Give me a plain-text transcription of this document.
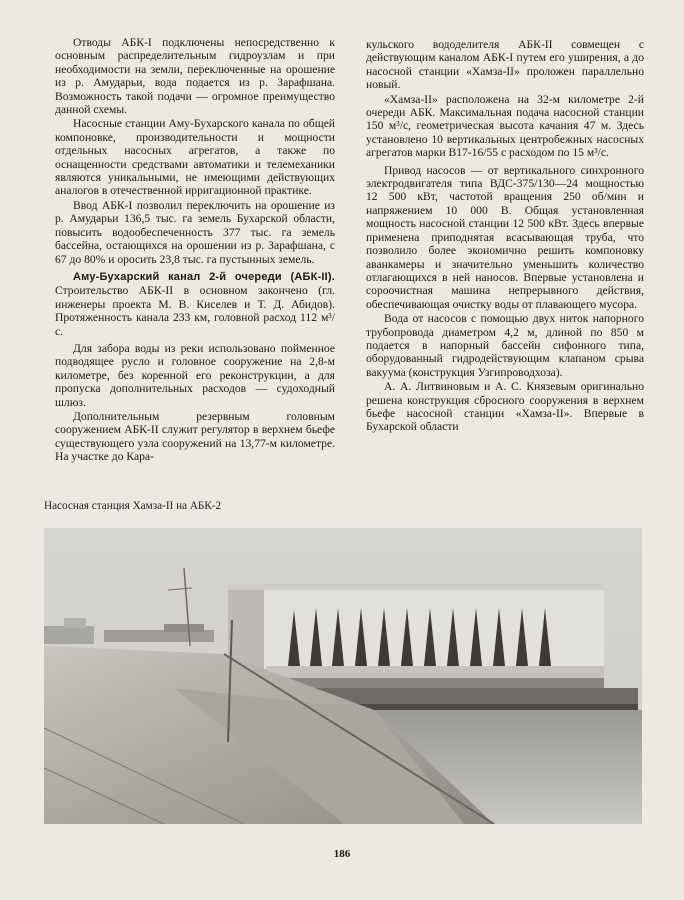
Отводы АБК-I подключены непосредственно к основным распределительным гидроузлам и при необходимости на земли, переключенные на орошение из р. Амударьи, вода подается из р. Зарафшана. Возможность такой подачи — огромное преимущество данной схемы.

Насосные станции Аму-Бухарского канала по общей компоновке, производительности и мощности отдельных насосных агрегатов, а также по оснащенности средствами автоматики и телемеханики являются уникальными, не имеющими действующих аналогов в отечественной ирригационной практике.

Ввод АБК-I позволил переключить на орошение из р. Амударьи 136,5 тыс. га земель Бухарской области, повысить водообеспеченность 377 тыс. га земель бассейна, остающихся на орошении из р. Зарафшана, с 67 до 80% и оросить 23,8 тыс. га пустынных земель.

Аму-Бухарский канал 2-й очереди (АБК-II). Строительство АБК-II в основном закончено (гл. инженеры проекта М. В. Киселев и Т. Д. Абидов). Протяженность канала 233 км, головной расход 112 м³/с.

Для забора воды из реки использовано пойменное подводящее русло и головное сооружение на 2,8-м километре, без коренной его реконструкции, а для пропуска дополнительных расходов — судоходный шлюз.

Дополнительным резервным головным сооружением АБК-II служит регулятор в верхнем бьефе существующего узла сооружений на 13,77-м километре. На участке до Кара-

кульского вододелителя АБК-II совмещен с действующим каналом АБК-I путем его уширения, а до насосной станции «Хамза-II» проложен параллельно новый.

«Хамза-II» расположена на 32-м километре 2-й очереди АБК. Максимальная подача насосной станции 150 м³/с, геометрическая высота качания 47 м. Здесь установлено 10 вертикальных центробежных насосных агрегатов марки В17-16/55 с расходом по 15 м³/с.

Привод насосов — от вертикального синхронного электродвигателя типа ВДС-375/130—24 мощностью 12 500 кВт, частотой вращения 250 об/мин и напряжением 10 000 В. Общая установленная мощность насосной станции 12 500 кВт. Здесь впервые применена приподнятая всасывающая труба, что позволило более экономично решить компоновку аванкамеры и значительно уменьшить количество отлагающихся в ней наносов. Впервые установлена и сороочистная машина непрерывного действия, обеспечивающая очистку воды от плавающего мусора.

Вода от насосов с помощью двух ниток напорного трубопровода диаметром 4,2 м, длиной по 850 м подается в напорный бассейн сифонного типа, оборудованный гидродействующим клапаном срыва вакуума (конструкция Узгипроводхоза).

А. А. Литвиновым и А. С. Князевым оригинально решена конструкция сбросного сооружения в верхнем бьефе насосной станции «Хамза-II». Впервые в Бухарской области

Насосная станция Хамза-II на АБК-2
186
